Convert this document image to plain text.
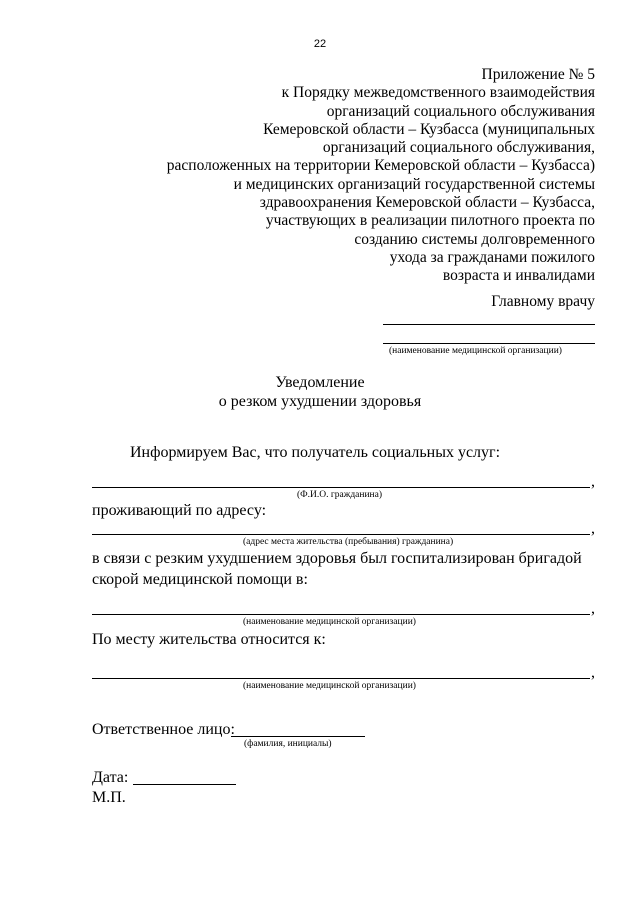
22
Приложение № 5
к Порядку межведомственного взаимодействия
организаций социального обслуживания
Кемеровской области – Кузбасса (муниципальных
организаций социального обслуживания,
расположенных на территории Кемеровской области – Кузбасса)
и медицинских организаций государственной системы
здравоохранения Кемеровской области – Кузбасса,
участвующих в реализации пилотного проекта по
созданию системы долговременного
ухода за гражданами пожилого
возраста и инвалидами
Главному врачу
(наименование медицинской организации)
Уведомление
о резком ухудшении здоровья
Информируем Вас, что получатель социальных услуг:
,
(Ф.И.О. гражданина)
проживающий по адресу:
,
(адрес места жительства (пребывания) гражданина)
в связи с резким ухудшением здоровья был госпитализирован бригадой
скорой медицинской помощи в:
,
(наименование медицинской организации)
По месту жительства относится к:
,
(наименование медицинской организации)
Ответственное лицо:
(фамилия, инициалы)
Дата:
М.П.
